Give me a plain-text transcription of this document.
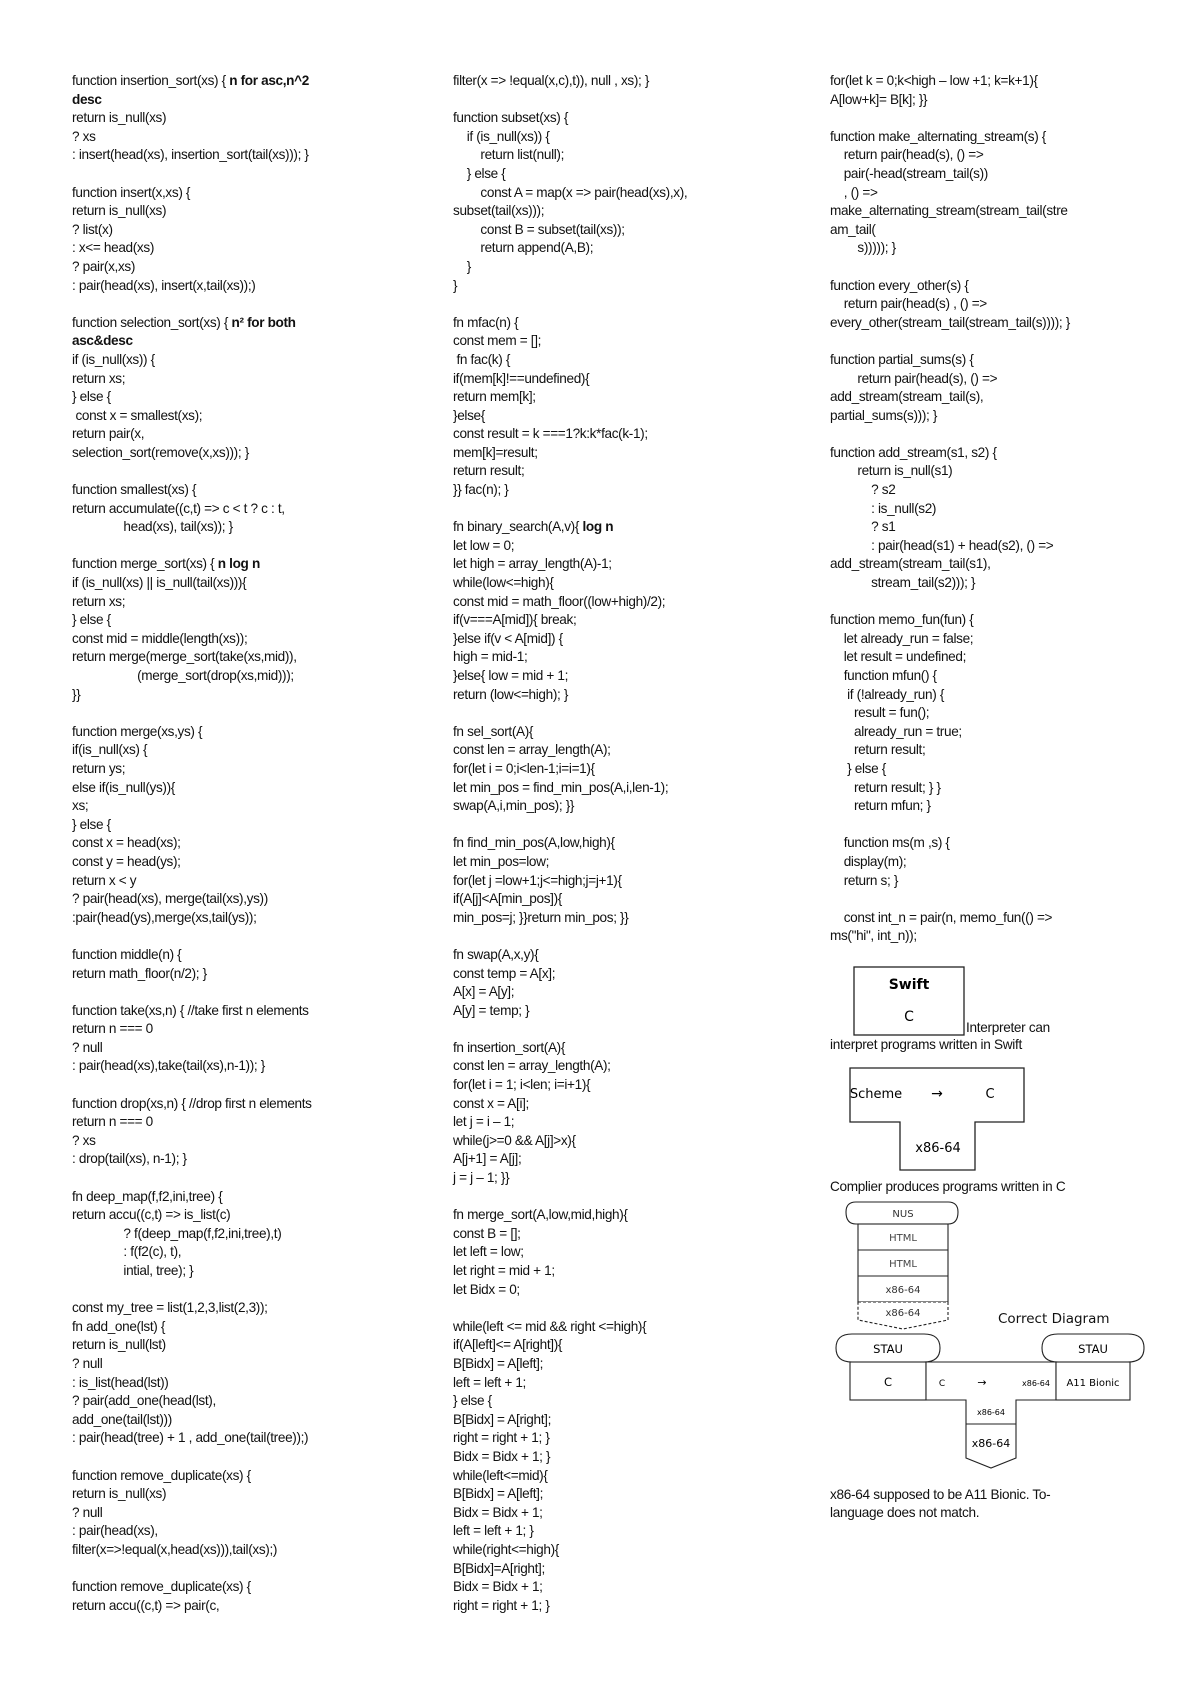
function insertion_sort(xs) { n for asc,n^2
desc
return is_null(xs)
? xs
: insert(head(xs), insertion_sort(tail(xs))); }
function insert(x,xs) {
return is_null(xs)
? list(x)
: x<= head(xs)
? pair(x,xs)
: pair(head(xs), insert(x,tail(xs));)
function selection_sort(xs) { n² for both
asc&desc
if (is_null(xs)) {
return xs;
} else {
const x = smallest(xs);
return pair(x,
selection_sort(remove(x,xs))); }
function smallest(xs) {
return accumulate((c,t) => c < t ? c : t,
head(xs), tail(xs)); }
function merge_sort(xs) { n log n
if (is_null(xs) || is_null(tail(xs))){
return xs;
} else {
const mid = middle(length(xs));
return merge(merge_sort(take(xs,mid)),
(merge_sort(drop(xs,mid)));
}}
function merge(xs,ys) {
if(is_null(xs) {
return ys;
else if(is_null(ys)){
xs;
} else {
const x = head(xs);
const y = head(ys);
return x < y
? pair(head(xs), merge(tail(xs),ys))
:pair(head(ys),merge(xs,tail(ys));
function middle(n) {
return math_floor(n/2); }
function take(xs,n) { //take first n elements
return n === 0
? null
: pair(head(xs),take(tail(xs),n-1)); }
function drop(xs,n) { //drop first n elements
return n === 0
? xs
: drop(tail(xs), n-1); }
fn deep_map(f,f2,ini,tree) {
return accu((c,t) => is_list(c)
? f(deep_map(f,f2,ini,tree),t)
: f(f2(c), t),
intial, tree); }
const my_tree = list(1,2,3,list(2,3));
fn add_one(lst) {
return is_null(lst)
? null
: is_list(head(lst))
? pair(add_one(head(lst),
add_one(tail(lst)))
: pair(head(tree) + 1 , add_one(tail(tree));)
function remove_duplicate(xs) {
return is_null(xs)
? null
: pair(head(xs),
filter(x=>!equal(x,head(xs))),tail(xs);)
function remove_duplicate(xs) {
return accu((c,t) => pair(c,
filter(x => !equal(x,c),t)), null , xs); }
function subset(xs) {
if (is_null(xs)) {
return list(null);
} else {
const A = map(x => pair(head(xs),x),
subset(tail(xs)));
const B = subset(tail(xs));
return append(A,B);
}
}
fn mfac(n) {
const mem = [];
fn fac(k) {
if(mem[k]!==undefined){
return mem[k];
}else{
const result = k ===1?k:k*fac(k-1);
mem[k]=result;
return result;
}} fac(n); }
fn binary_search(A,v){ log n
let low = 0;
let high = array_length(A)-1;
while(low<=high){
const mid = math_floor((low+high)/2);
if(v===A[mid]){ break;
}else if(v < A[mid]) {
high = mid-1;
}else{ low = mid + 1;
return (low<=high); }
fn sel_sort(A){
const len = array_length(A);
for(let i = 0;i<len-1;i=i=1){
let min_pos = find_min_pos(A,i,len-1);
swap(A,i,min_pos); }}
fn find_min_pos(A,low,high){
let min_pos=low;
for(let j =low+1;j<=high;j=j+1){
if(A[j]<A[min_pos]){
min_pos=j; }}return min_pos; }}
fn swap(A,x,y){
const temp = A[x];
A[x] = A[y];
A[y] = temp; }
fn insertion_sort(A){
const len = array_length(A);
for(let i = 1; i<len; i=i+1){
const x = A[i];
let j = i – 1;
while(j>=0 && A[j]>x){
A[j+1] = A[j];
j = j – 1; }}
fn merge_sort(A,low,mid,high){
const B = [];
let left = low;
let right = mid + 1;
let Bidx = 0;
while(left <= mid && right <=high){
if(A[left]<= A[right]){
B[Bidx] = A[left];
left = left + 1;
} else {
B[Bidx] = A[right];
right = right + 1; }
Bidx = Bidx + 1; }
while(left<=mid){
B[Bidx] = A[left];
Bidx = Bidx + 1;
left = left + 1; }
while(right<=high){
B[Bidx]=A[right];
Bidx = Bidx + 1;
right = right + 1; }
for(let k = 0;k<high – low +1; k=k+1){
A[low+k]= B[k]; }}
function make_alternating_stream(s) {
return pair(head(s), () =>
pair(-head(stream_tail(s))
, () =>
make_alternating_stream(stream_tail(stre
am_tail(
s))))); }
function every_other(s) {
return pair(head(s) , () =>
every_other(stream_tail(stream_tail(s)))); }
function partial_sums(s) {
return pair(head(s), () =>
add_stream(stream_tail(s),
partial_sums(s))); }
function add_stream(s1, s2) {
return is_null(s1)
? s2
: is_null(s2)
? s1
: pair(head(s1) + head(s2), () =>
add_stream(stream_tail(s1),
stream_tail(s2))); }
function memo_fun(fun) {
let already_run = false;
let result = undefined;
function mfun() {
if (!already_run) {
result = fun();
already_run = true;
return result;
} else {
return result; } }
return mfun; }
function ms(m ,s) {
display(m);
return s; }
const int_n = pair(n, memo_fun(() =>
ms("hi", int_n));
Swift
C
Interpreter can
interpret programs written in Swift
Scheme →	C
x86-64
Complier produces programs written in C
NUS
HTML
HTML
x86-64
x86-64	Correct Diagram
STAU
C	C	→	x86-64
x86-64
x86-64
STAU
A11 Bionic
x86-64 supposed to be A11 Bionic. To-
language does not match.
